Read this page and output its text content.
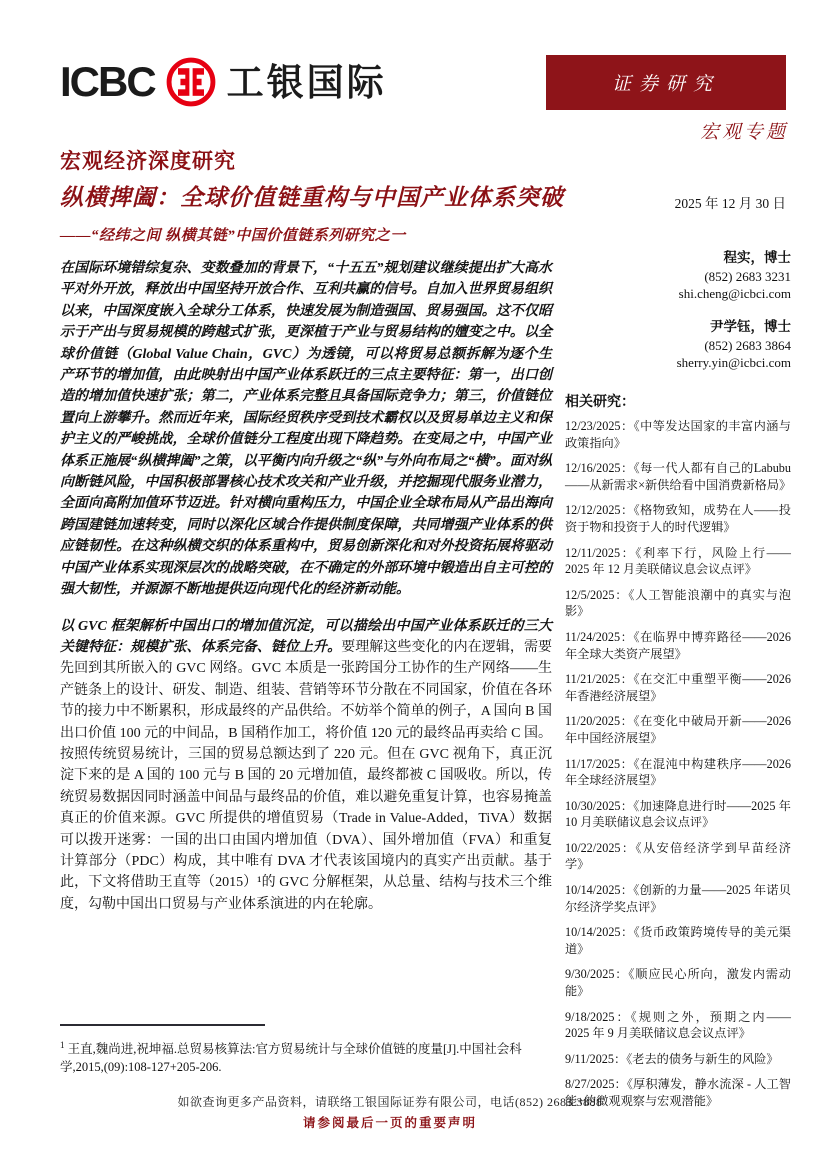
ICBC 工银国际	证券研究
宏观专题
宏观经济深度研究
纵横捭阖：全球价值链重构与中国产业体系突破	2025 年 12 月 30 日
——“经纬之间 纵横其链”中国价值链系列研究之一

在国际环境错综复杂、变数叠加的背景下，“十五五”规划建议继续提出扩大高水平对外开放，释放出中国坚持开放合作、互利共赢的信号。自加入世界贸易组织以来，中国深度嵌入全球分工体系，快速发展为制造强国、贸易强国。这不仅昭示于产出与贸易规模的跨越式扩张，更深植于产业与贸易结构的嬗变之中。以全球价值链（Global Value Chain，GVC）为透镜，可以将贸易总额拆解为逐个生产环节的增加值，由此映射出中国产业体系跃迁的三点主要特征：第一，出口创造的增加值快速扩张；第二，产业体系完整且具备国际竞争力；第三，价值链位置向上游攀升。然而近年来，国际经贸秩序受到技术霸权以及贸易单边主义和保护主义的严峻挑战，全球价值链分工程度出现下降趋势。在变局之中，中国产业体系正施展“纵横捭阖”之策，以平衡内向升级之“纵”与外向布局之“横”。面对纵向断链风险，中国积极部署核心技术攻关和产业升级，并挖掘现代服务业潜力，全面向高附加值环节迈进。针对横向重构压力，中国企业全球布局从产品出海向跨国建链加速转变，同时以深化区域合作提供制度保障，共同增强产业体系的供应链韧性。在这种纵横交织的体系重构中，贸易创新深化和对外投资拓展将驱动中国产业体系实现深层次的战略突破，在不确定的外部环境中锻造出自主可控的强大韧性，并源源不断地提供迈向现代化的经济新动能。

以 GVC 框架解析中国出口的增加值沉淀，可以描绘出中国产业体系跃迁的三大关键特征：规模扩张、体系完备、链位上升。要理解这些变化的内在逻辑，需要先回到其所嵌入的 GVC 网络。GVC 本质是一张跨国分工协作的生产网络——生产链条上的设计、研发、制造、组装、营销等环节分散在不同国家，价值在各环节的接力中不断累积，形成最终的产品供给。不妨举个简单的例子，A 国向 B 国出口价值 100 元的中间品，B 国稍作加工，将价值 120 元的最终品再卖给 C 国。按照传统贸易统计，三国的贸易总额达到了 220 元。但在 GVC 视角下，真正沉淀下来的是 A 国的 100 元与 B 国的 20 元增加值，最终都被 C 国吸收。所以，传统贸易数据因同时涵盖中间品与最终品的价值，难以避免重复计算，也容易掩盖真正的价值来源。GVC 所提供的增值贸易（Trade in Value-Added，TiVA）数据可以拨开迷雾：一国的出口由国内增加值（DVA）、国外增加值（FVA）和重复计算部分（PDC）构成，其中唯有 DVA 才代表该国境内的真实产出贡献。基于此，下文将借助王直等（2015）¹的 GVC 分解框架，从总量、结构与技术三个维度，勾勒中国出口贸易与产业体系演进的内在轮廓。

程实，博士
(852) 2683 3231
shi.cheng@icbci.com
尹学钰，博士
(852) 2683 3864
sherry.yin@icbci.com
相关研究：
12/23/2025：《中等发达国家的丰富内涵与政策指向》
12/16/2025：《每一代人都有自己的Labubu——从新需求×新供给看中国消费新格局》
12/12/2025：《格物致知，成势在人——投资于物和投资于人的时代逻辑》
12/11/2025：《利率下行，风险上行——2025 年 12 月美联储议息会议点评》
12/5/2025：《人工智能浪潮中的真实与泡影》
11/24/2025：《在临界中博弈路径——2026 年全球大类资产展望》
11/21/2025：《在交汇中重塑平衡——2026 年香港经济展望》
11/20/2025：《在变化中破局开新——2026 年中国经济展望》
11/17/2025：《在混沌中构建秩序——2026 年全球经济展望》
10/30/2025：《加速降息进行时——2025 年 10 月美联储议息会议点评》
10/22/2025：《从安倍经济学到早苗经济学》
10/14/2025：《创新的力量——2025 年诺贝尔经济学奖点评》
10/14/2025：《货币政策跨境传导的美元渠道》
9/30/2025：《顺应民心所向，激发内需动能》
9/18/2025：《规则之外，预期之内——2025 年 9 月美联储议息会议点评》
9/11/2025：《老去的债务与新生的风险》
8/27/2025：《厚积薄发，静水流深 - 人工智能+的微观观察与宏观潜能》
$^1$ 王直,魏尚进,祝坤福.总贸易核算法:官方贸易统计与全球价值链的度量[J].中国社会科学,2015,(09):108-127+205-206.
如欲查询更多产品资料，请联络工银国际证券有限公司，电话(852) 2683 3888
请参阅最后一页的重要声明
